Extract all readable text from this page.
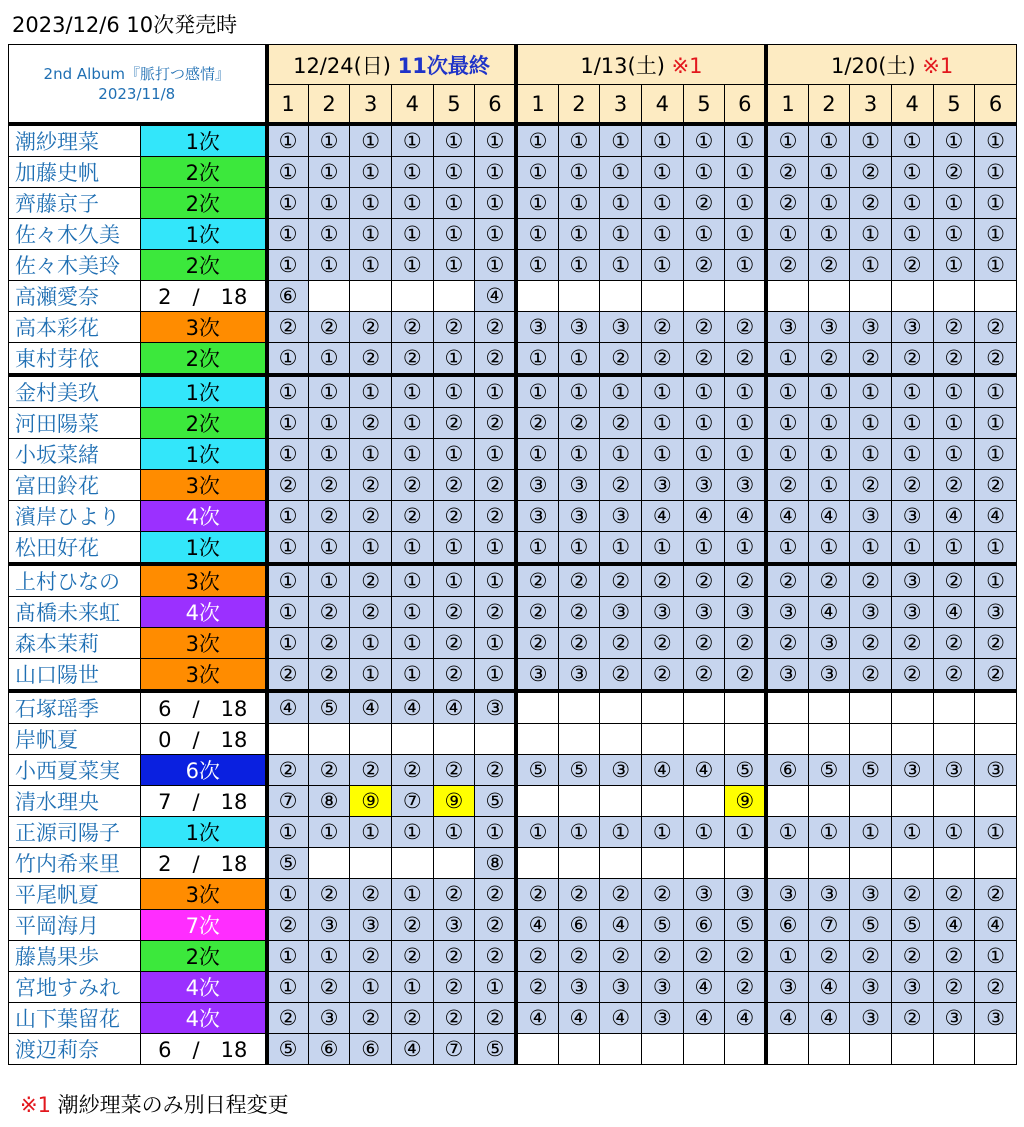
2023/12/6 10次発売時
2nd Album『脈打つ感情』
2023/11/8		12/24(日) 11次最終						1/13(土) ※1						1/20(土) ※1					
		1	2	3	4	5	6	1	2	3	4	5	6	1	2	3	4	5	6
潮紗理菜	1次	①	①	①	①	①	①	①	①	①	①	①	①	①	①	①	①	①	①
加藤史帆	2次	①	①	①	①	①	①	①	①	①	①	①	①	②	①	②	①	②	①
齊藤京子	2次	①	①	①	①	①	①	①	①	①	①	②	①	②	①	②	①	①	①
佐々木久美	1次	①	①	①	①	①	①	①	①	①	①	①	①	①	①	①	①	①	①
佐々木美玲	2次	①	①	①	①	①	①	①	①	①	①	②	①	②	②	①	②	①	①
高瀬愛奈	2　/　18	⑥					④												
高本彩花	3次	②	②	②	②	②	②	③	③	③	②	②	②	③	③	③	③	②	②
東村芽依	2次	①	①	②	②	①	②	①	①	②	②	②	②	①	②	②	②	②	②
金村美玖	1次	①	①	①	①	①	①	①	①	①	①	①	①	①	①	①	①	①	①
河田陽菜	2次	①	①	②	①	②	②	②	②	②	①	①	①	①	①	①	①	①	①
小坂菜緒	1次	①	①	①	①	①	①	①	①	①	①	①	①	①	①	①	①	①	①
富田鈴花	3次	②	②	②	②	②	②	③	③	②	③	③	③	②	①	②	②	②	②
濱岸ひより	4次	①	②	②	②	②	②	③	③	③	④	④	④	④	④	③	③	④	④
松田好花	1次	①	①	①	①	①	①	①	①	①	①	①	①	①	①	①	①	①	①
上村ひなの	3次	①	①	②	①	①	①	②	②	②	②	②	②	②	②	②	③	②	①
髙橋未来虹	4次	①	②	②	①	②	②	②	②	③	③	③	③	③	④	③	③	④	③
森本茉莉	3次	①	②	①	①	②	①	②	②	②	②	②	②	②	③	②	②	②	②
山口陽世	3次	②	②	①	①	②	①	③	③	②	②	②	②	③	③	②	②	②	②
石塚瑶季	6　/　18	④	⑤	④	④	④	③												
岸帆夏	0　/　18																		
小西夏菜実	6次	②	②	②	②	②	②	⑤	⑤	③	④	④	⑤	⑥	⑤	⑤	③	③	③
清水理央	7　/　18	⑦	⑧	⑨	⑦	⑨	⑤						⑨						
正源司陽子	1次	①	①	①	①	①	①	①	①	①	①	①	①	①	①	①	①	①	①
竹内希来里	2　/　18	⑤					⑧												
平尾帆夏	3次	①	②	②	①	②	②	②	②	②	②	③	③	③	③	③	②	②	②
平岡海月	7次	②	③	③	②	③	②	④	⑥	④	⑤	⑥	⑤	⑥	⑦	⑤	⑤	④	④
藤嶌果歩	2次	①	①	②	②	②	②	②	②	②	②	②	②	①	②	②	②	②	①
宮地すみれ	4次	①	②	①	①	②	①	②	③	③	③	④	②	③	④	③	③	②	②
山下葉留花	4次	②	③	②	②	②	②	④	④	④	③	④	④	④	④	③	②	③	③
渡辺莉奈	6　/　18	⑤	⑥	⑥	④	⑦	⑤												
※1 潮紗理菜のみ別日程変更
